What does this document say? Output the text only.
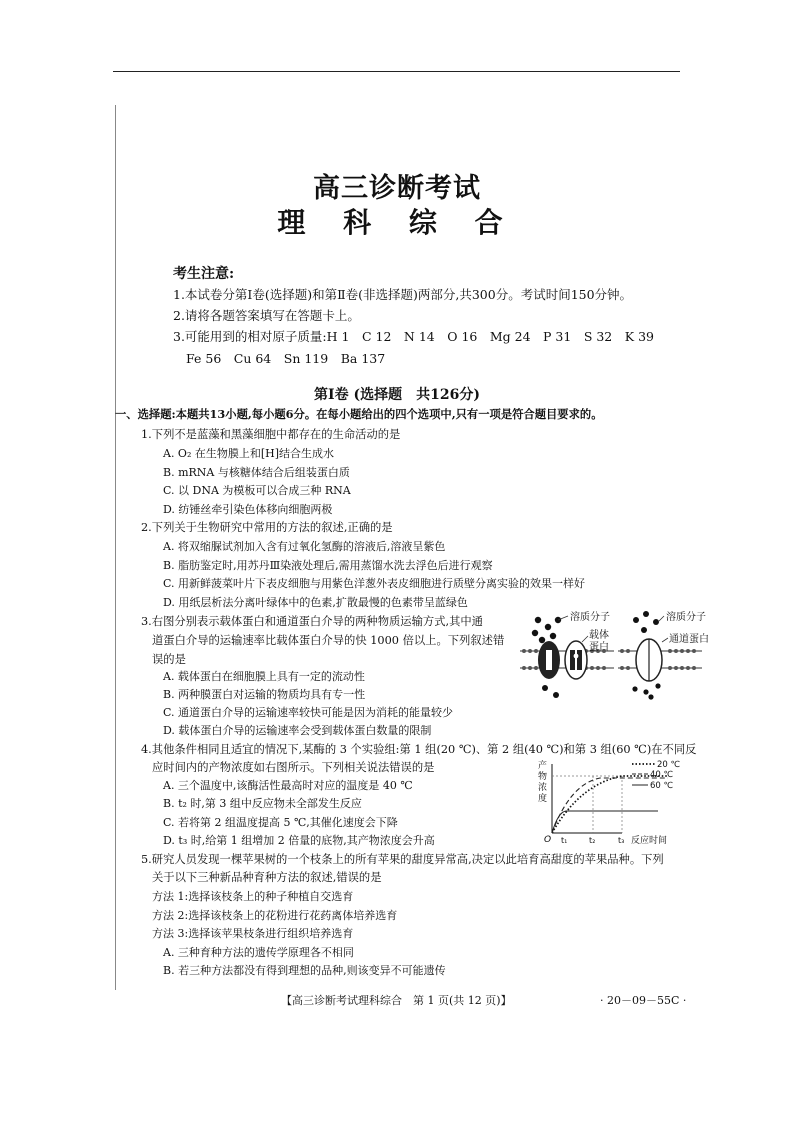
高三诊断考试
理 科 综 合
考生注意:
1.本试卷分第Ⅰ卷(选择题)和第Ⅱ卷(非选择题)两部分,共300分。考试时间150分钟。
2.请将各题答案填写在答题卡上。
3.可能用到的相对原子质量:H 1　C 12　N 14　O 16　Mg 24　P 31　S 32　K 39
Fe 56　Cu 64　Sn 119　Ba 137
第Ⅰ卷 (选择题　共126分)
一、选择题:本题共13小题,每小题6分。在每小题给出的四个选项中,只有一项是符合题目要求的。
1.下列不是蓝藻和黑藻细胞中都存在的生命活动的是
A. O₂ 在生物膜上和[H]结合生成水
B. mRNA 与核糖体结合后组装蛋白质
C. 以 DNA 为模板可以合成三种 RNA
D. 纺锤丝牵引染色体移向细胞两极
2.下列关于生物研究中常用的方法的叙述,正确的是
A. 将双缩脲试剂加入含有过氧化氢酶的溶液后,溶液呈紫色
B. 脂肪鉴定时,用苏丹Ⅲ染液处理后,需用蒸馏水洗去浮色后进行观察
C. 用新鲜菠菜叶片下表皮细胞与用紫色洋葱外表皮细胞进行质壁分离实验的效果一样好
D. 用纸层析法分离叶绿体中的色素,扩散最慢的色素带呈蓝绿色
3.右图分别表示载体蛋白和通道蛋白介导的两种物质运输方式,其中通
道蛋白介导的运输速率比载体蛋白介导的快 1000 倍以上。下列叙述错
误的是
A. 载体蛋白在细胞膜上具有一定的流动性
B. 两种膜蛋白对运输的物质均具有专一性
C. 通道蛋白介导的运输速率较快可能是因为消耗的能量较少
D. 载体蛋白介导的运输速率会受到载体蛋白数量的限制
溶质分子
载体
蛋白
溶质分子
通道蛋白
4.其他条件相同且适宜的情况下,某酶的 3 个实验组:第 1 组(20 ℃)、第 2 组(40 ℃)和第 3 组(60 ℃)在不同反
应时间内的产物浓度如右图所示。下列相关说法错误的是
A. 三个温度中,该酶活性最高时对应的温度是 40 ℃
B. t₂ 时,第 3 组中反应物未全部发生反应
C. 若将第 2 组温度提高 5 ℃,其催化速度会下降
D. t₃ 时,给第 1 组增加 2 倍量的底物,其产物浓度会升高
产
物
浓
度
20 ℃
40 ℃
60 ℃
O t₁	t₂	t₃ 反应时间
5.研究人员发现一棵苹果树的一个枝条上的所有苹果的甜度异常高,决定以此培育高甜度的苹果品种。下列
关于以下三种新品种育种方法的叙述,错误的是
方法 1:选择该枝条上的种子种植自交选育
方法 2:选择该枝条上的花粉进行花药离体培养选育
方法 3:选择该苹果枝条进行组织培养选育
A. 三种育种方法的遗传学原理各不相同
B. 若三种方法都没有得到理想的品种,则该变异不可能遗传
【高三诊断考试理科综合　第 1 页(共 12 页)】	· 20－09－55C ·
